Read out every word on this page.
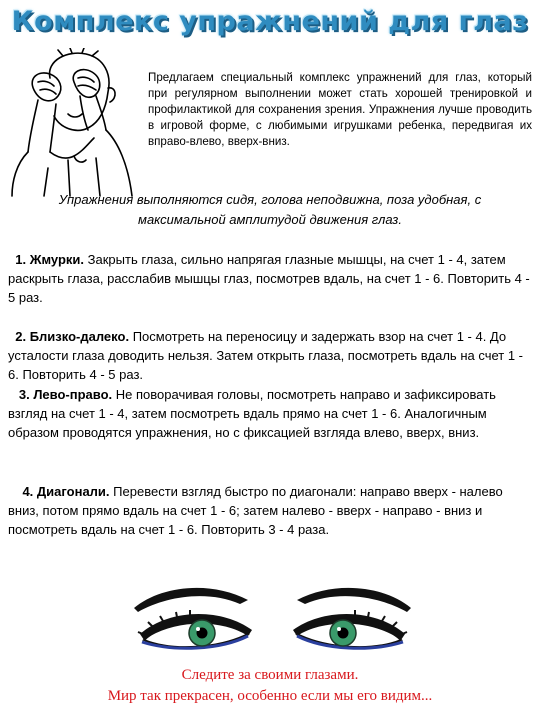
Комплекс упражнений для глаз
Предлагаем специальный комплекс упражнений для глаз, который при регулярном выполнении может стать хорошей тренировкой и профилактикой для сохранения зрения. Упражнения лучше проводить в игровой форме, с любимыми игрушками ребенка, передвигая их вправо-влево, вверх-вниз.
Упражнения выполняются сидя, голова неподвижна, поза удобная, с максимальной амплитудой движения глаз.
1. Жмурки. Закрыть глаза, сильно напрягая глазные мышцы, на счет 1 - 4, затем раскрыть глаза, расслабив мышцы глаз, посмотрев вдаль, на счет 1 - 6. Повторить 4 - 5 раз.
2. Близко-далеко. Посмотреть на переносицу и задержать взор на счет 1 - 4. До усталости глаза доводить нельзя. Затем открыть глаза, посмотреть вдаль на счет 1 - 6. Повторить 4 - 5 раз.
3. Лево-право. Не поворачивая головы, посмотреть направо и зафиксировать взгляд на счет 1 - 4, затем посмотреть вдаль прямо на счет 1 - 6. Аналогичным образом проводятся упражнения, но с фиксацией взгляда влево, вверх, вниз.
4. Диагонали. Перевести взгляд быстро по диагонали: направо вверх - налево вниз, потом прямо вдаль на счет 1 - 6; затем налево - вверх - направо - вниз и посмотреть вдаль на счет 1 - 6. Повторить 3 - 4 раза.
Следите за своими глазами.
Мир так прекрасен, особенно если мы его видим...
